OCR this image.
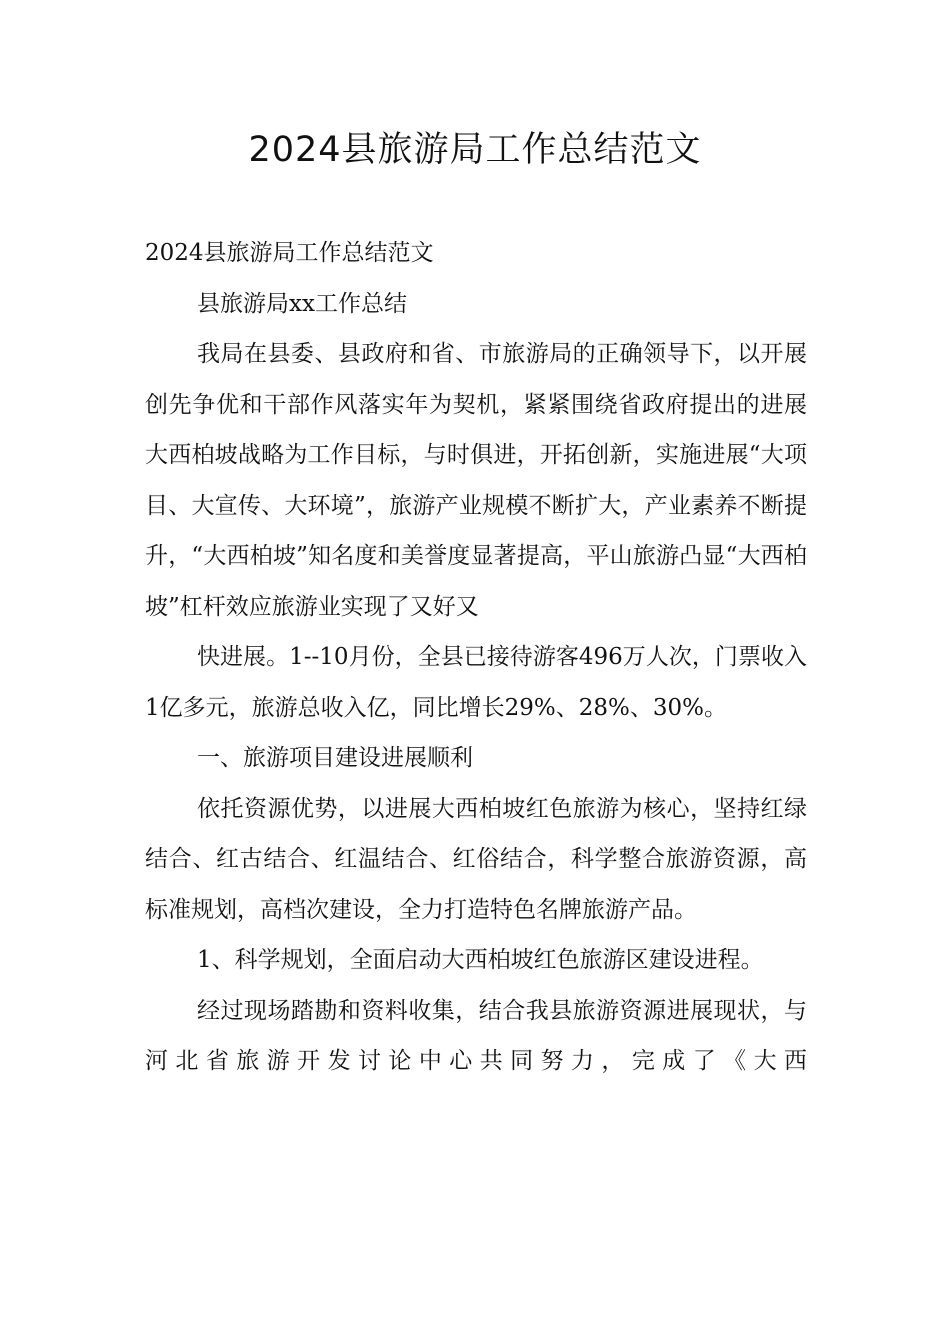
2024县旅游局工作总结范文

2024县旅游局工作总结范文

县旅游局xx工作总结

我局在县委、县政府和省、市旅游局的正确领导下，以开展创先争优和干部作风落实年为契机，紧紧围绕省政府提出的进展大西柏坡战略为工作目标，与时俱进，开拓创新，实施进展“大项目、大宣传、大环境”，旅游产业规模不断扩大，产业素养不断提升，“大西柏坡”知名度和美誉度显著提高，平山旅游凸显“大西柏坡”杠杆效应旅游业实现了又好又

快进展。1--10月份，全县已接待游客496万人次，门票收入1亿多元，旅游总收入亿，同比增长29%、28%、30%。

一、旅游项目建设进展顺利

依托资源优势，以进展大西柏坡红色旅游为核心，坚持红绿结合、红古结合、红温结合、红俗结合，科学整合旅游资源，高标准规划，高档次建设，全力打造特色名牌旅游产品。

1、科学规划，全面启动大西柏坡红色旅游区建设进程。

经过现场踏勘和资料收集，结合我县旅游资源进展现状，与河北省旅游开发讨论中心共同努力，完成了《大西
